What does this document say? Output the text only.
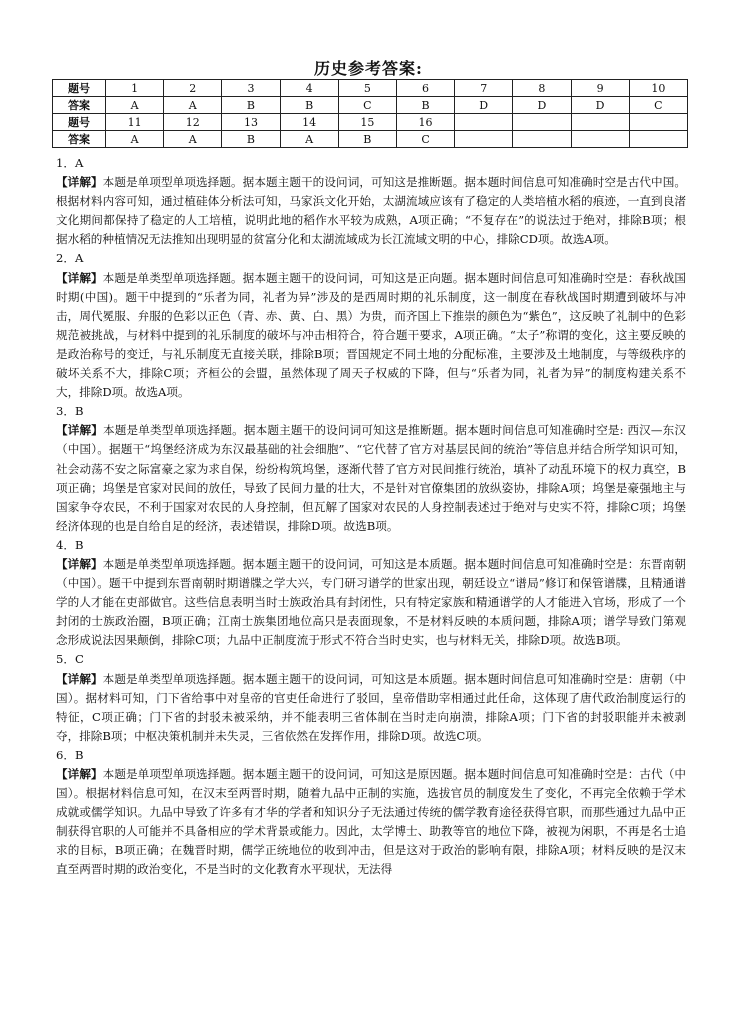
历史参考答案:
题号	1	2	3	4	5	6	7	8	9	10
答案	A	A	B	B	C	B	D	D	D	C
题号	11	12	13	14	15	16				
答案	A	A	B	A	B	C				
1．A
【详解】本题是单项型单项选择题。据本题主题干的设问词，可知这是推断题。据本题时间信息可知准确时空是古代中国。根据材料内容可知，通过植硅体分析法可知，马家浜文化开始，太湖流域应该有了稳定的人类培植水稻的痕迹，一直到良渚文化期间都保持了稳定的人工培植，说明此地的稻作水平较为成熟，A项正确；“不复存在”的说法过于绝对，排除B项；根据水稻的种植情况无法推知出现明显的贫富分化和太湖流域成为长江流域文明的中心，排除CD项。故选A项。
2．A
【详解】本题是单类型单项选择题。据本题主题干的设问词，可知这是正向题。据本题时间信息可知准确时空是：春秋战国时期(中国)。题干中提到的“乐者为同，礼者为异”涉及的是西周时期的礼乐制度，这一制度在春秋战国时期遭到破坏与冲击，周代冕服、弁服的色彩以正色（青、赤、黄、白、黑）为贵，而齐国上下推崇的颜色为“紫色”，这反映了礼制中的色彩规范被挑战，与材料中提到的礼乐制度的破坏与冲击相符合，符合题干要求，A项正确。“太子”称谓的变化，这主要反映的是政治称号的变迁，与礼乐制度无直接关联，排除B项；晋国规定不同土地的分配标准，主要涉及土地制度，与等级秩序的破坏关系不大，排除C项；齐桓公的会盟，虽然体现了周天子权威的下降，但与“乐者为同，礼者为异”的制度构建关系不大，排除D项。故选A项。
3．B
【详解】本题是单类型单项选择题。据本题主题干的设问词可知这是推断题。据本题时间信息可知准确时空是: 西汉—东汉（中国）。据题干“坞堡经济成为东汉最基础的社会细胞”、“它代替了官方对基层民间的统治”等信息并结合所学知识可知，社会动荡不安之际富豪之家为求自保，纷纷构筑坞堡，逐渐代替了官方对民间推行统治，填补了动乱环境下的权力真空，B项正确；坞堡是官家对民间的放任，导致了民间力量的壮大，不是针对官僚集团的放纵姿协，排除A项；坞堡是豪强地主与国家争夺农民，不利于国家对农民的人身控制，但瓦解了国家对农民的人身控制表述过于绝对与史实不符，排除C项；坞堡经济体现的也是自给自足的经济，表述错误，排除D项。故选B项。
4．B
【详解】本题是单类型单项选择题。据本题主题干的设问词，可知这是本质题。据本题时间信息可知准确时空是：东晋南朝（中国）。题干中提到东晋南朝时期谱牒之学大兴，专门研习谱学的世家出现，朝廷设立“谱局”修订和保管谱牒，且精通谱学的人才能在吏部做官。这些信息表明当时士族政治具有封闭性，只有特定家族和精通谱学的人才能进入官场，形成了一个封闭的士族政治圈，B项正确；江南士族集团地位高只是表面现象，不是材料反映的本质问题，排除A项；谱学导致门第观念形成说法因果颠倒，排除C项；九品中正制度流于形式不符合当时史实，也与材料无关，排除D项。故选B项。
5．C
【详解】本题是单类型单项选择题。据本题主题干的设问词，可知这是本质题。据本题时间信息可知准确时空是：唐朝（中国）。据材料可知，门下省给事中对皇帝的官吏任命进行了驳回，皇帝借助宰相通过此任命，这体现了唐代政治制度运行的特征，C项正确；门下省的封驳未被采纳，并不能表明三省体制在当时走向崩溃，排除A项；门下省的封驳职能并未被剥夺，排除B项；中枢决策机制并未失灵，三省依然在发挥作用，排除D项。故选C项。
6．B
【详解】本题是单项型单项选择题。据本题主题干的设问词，可知这是原因题。据本题时间信息可知准确时空是：古代（中国）。根据材料信息可知，在汉末至两晋时期，随着九品中正制的实施，选拔官员的制度发生了变化，不再完全依赖于学术成就或儒学知识。九品中导致了许多有才华的学者和知识分子无法通过传统的儒学教育途径获得官职，而那些通过九品中正制获得官职的人可能并不具备相应的学术背景或能力。因此，太学博士、助教等官的地位下降，被视为闲职，不再是名士追求的目标，B项正确；在魏晋时期，儒学正统地位的收到冲击，但是这对于政治的影响有限，排除A项；材料反映的是汉末直至两晋时期的政治变化，不是当时的文化教育水平现状，无法得
